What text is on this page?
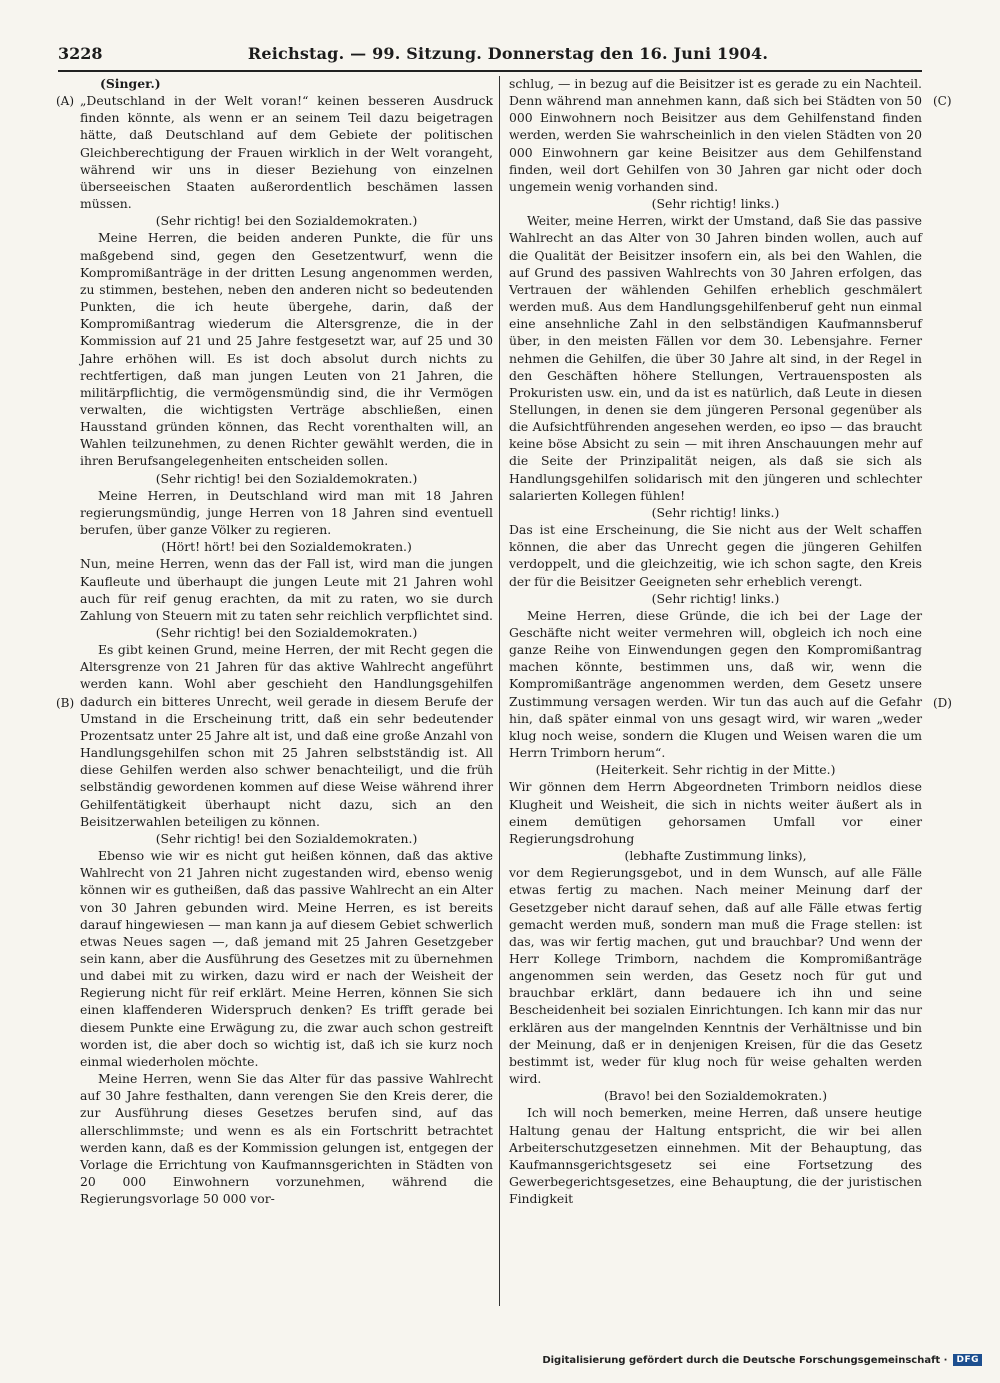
3228	Reichstag. — 99. Sitzung. Donnerstag den 16. Juni 1904.
(A)
(B)
(C)
(D)

(Singer.)

„Deutschland in der Welt voran!“ keinen besseren Ausdruck finden könnte, als wenn er an seinem Teil dazu beigetragen hätte, daß Deutschland auf dem Gebiete der politischen Gleichberechtigung der Frauen wirklich in der Welt vorangeht, während wir uns in dieser Beziehung von einzelnen überseeischen Staaten außerordentlich beschämen lassen müssen.

(Sehr richtig! bei den Sozialdemokraten.)

Meine Herren, die beiden anderen Punkte, die für uns maßgebend sind, gegen den Gesetzentwurf, wenn die Kompromißanträge in der dritten Lesung angenommen werden, zu stimmen, bestehen, neben den anderen nicht so bedeutenden Punkten, die ich heute übergehe, darin, daß der Kompromißantrag wiederum die Altersgrenze, die in der Kommission auf 21 und 25 Jahre festgesetzt war, auf 25 und 30 Jahre erhöhen will. Es ist doch absolut durch nichts zu rechtfertigen, daß man jungen Leuten von 21 Jahren, die militärpflichtig, die vermögensmündig sind, die ihr Vermögen verwalten, die wichtigsten Verträge abschließen, einen Hausstand gründen können, das Recht vorenthalten will, an Wahlen teilzunehmen, zu denen Richter gewählt werden, die in ihren Berufsangelegenheiten entscheiden sollen.

(Sehr richtig! bei den Sozialdemokraten.)

Meine Herren, in Deutschland wird man mit 18 Jahren regierungsmündig, junge Herren von 18 Jahren sind eventuell berufen, über ganze Völker zu regieren.

(Hört! hört! bei den Sozialdemokraten.)

Nun, meine Herren, wenn das der Fall ist, wird man die jungen Kaufleute und überhaupt die jungen Leute mit 21 Jahren wohl auch für reif genug erachten, da mit zu raten, wo sie durch Zahlung von Steuern mit zu taten sehr reichlich verpflichtet sind.

(Sehr richtig! bei den Sozialdemokraten.)

Es gibt keinen Grund, meine Herren, der mit Recht gegen die Altersgrenze von 21 Jahren für das aktive Wahlrecht angeführt werden kann. Wohl aber geschieht den Handlungsgehilfen dadurch ein bitteres Unrecht, weil gerade in diesem Berufe der Umstand in die Erscheinung tritt, daß ein sehr bedeutender Prozentsatz unter 25 Jahre alt ist, und daß eine große Anzahl von Handlungsgehilfen schon mit 25 Jahren selbstständig ist. All diese Gehilfen werden also schwer benachteiligt, und die früh selbständig gewordenen kommen auf diese Weise während ihrer Gehilfentätigkeit überhaupt nicht dazu, sich an den Beisitzerwahlen beteiligen zu können.

(Sehr richtig! bei den Sozialdemokraten.)

Ebenso wie wir es nicht gut heißen können, daß das aktive Wahlrecht von 21 Jahren nicht zugestanden wird, ebenso wenig können wir es gutheißen, daß das passive Wahlrecht an ein Alter von 30 Jahren gebunden wird. Meine Herren, es ist bereits darauf hingewiesen — man kann ja auf diesem Gebiet schwerlich etwas Neues sagen —, daß jemand mit 25 Jahren Gesetzgeber sein kann, aber die Ausführung des Gesetzes mit zu übernehmen und dabei mit zu wirken, dazu wird er nach der Weisheit der Regierung nicht für reif erklärt. Meine Herren, können Sie sich einen klaffenderen Widerspruch denken? Es trifft gerade bei diesem Punkte eine Erwägung zu, die zwar auch schon gestreift worden ist, die aber doch so wichtig ist, daß ich sie kurz noch einmal wiederholen möchte.

Meine Herren, wenn Sie das Alter für das passive Wahlrecht auf 30 Jahre festhalten, dann verengen Sie den Kreis derer, die zur Ausführung dieses Gesetzes berufen sind, auf das allerschlimmste; und wenn es als ein Fortschritt betrachtet werden kann, daß es der Kommission gelungen ist, entgegen der Vorlage die Errichtung von Kaufmannsgerichten in Städten von 20 000 Einwohnern vorzunehmen, während die Regierungsvorlage 50 000 vor-

schlug, — in bezug auf die Beisitzer ist es gerade zu ein Nachteil. Denn während man annehmen kann, daß sich bei Städten von 50 000 Einwohnern noch Beisitzer aus dem Gehilfenstand finden werden, werden Sie wahrscheinlich in den vielen Städten von 20 000 Einwohnern gar keine Beisitzer aus dem Gehilfenstand finden, weil dort Gehilfen von 30 Jahren gar nicht oder doch ungemein wenig vorhanden sind.

(Sehr richtig! links.)

Weiter, meine Herren, wirkt der Umstand, daß Sie das passive Wahlrecht an das Alter von 30 Jahren binden wollen, auch auf die Qualität der Beisitzer insofern ein, als bei den Wahlen, die auf Grund des passiven Wahlrechts von 30 Jahren erfolgen, das Vertrauen der wählenden Gehilfen erheblich geschmälert werden muß. Aus dem Handlungsgehilfenberuf geht nun einmal eine ansehnliche Zahl in den selbständigen Kaufmannsberuf über, in den meisten Fällen vor dem 30. Lebensjahre. Ferner nehmen die Gehilfen, die über 30 Jahre alt sind, in der Regel in den Geschäften höhere Stellungen, Vertrauensposten als Prokuristen usw. ein, und da ist es natürlich, daß Leute in diesen Stellungen, in denen sie dem jüngeren Personal gegenüber als die Aufsichtführenden angesehen werden, eo ipso — das braucht keine böse Absicht zu sein — mit ihren Anschauungen mehr auf die Seite der Prinzipalität neigen, als daß sie sich als Handlungsgehilfen solidarisch mit den jüngeren und schlechter salarierten Kollegen fühlen!

(Sehr richtig! links.)

Das ist eine Erscheinung, die Sie nicht aus der Welt schaffen können, die aber das Unrecht gegen die jüngeren Gehilfen verdoppelt, und die gleichzeitig, wie ich schon sagte, den Kreis der für die Beisitzer Geeigneten sehr erheblich verengt.

(Sehr richtig! links.)

Meine Herren, diese Gründe, die ich bei der Lage der Geschäfte nicht weiter vermehren will, obgleich ich noch eine ganze Reihe von Einwendungen gegen den Kompromißantrag machen könnte, bestimmen uns, daß wir, wenn die Kompromißanträge angenommen werden, dem Gesetz unsere Zustimmung versagen werden. Wir tun das auch auf die Gefahr hin, daß später einmal von uns gesagt wird, wir waren „weder klug noch weise, sondern die Klugen und Weisen waren die um Herrn Trimborn herum“.

(Heiterkeit. Sehr richtig in der Mitte.)

Wir gönnen dem Herrn Abgeordneten Trimborn neidlos diese Klugheit und Weisheit, die sich in nichts weiter äußert als in einem demütigen gehorsamen Umfall vor einer Regierungsdrohung

(lebhafte Zustimmung links),

vor dem Regierungsgebot, und in dem Wunsch, auf alle Fälle etwas fertig zu machen. Nach meiner Meinung darf der Gesetzgeber nicht darauf sehen, daß auf alle Fälle etwas fertig gemacht werden muß, sondern man muß die Frage stellen: ist das, was wir fertig machen, gut und brauchbar? Und wenn der Herr Kollege Trimborn, nachdem die Kompromißanträge angenommen sein werden, das Gesetz noch für gut und brauchbar erklärt, dann bedauere ich ihn und seine Bescheidenheit bei sozialen Einrichtungen. Ich kann mir das nur erklären aus der mangelnden Kenntnis der Verhältnisse und bin der Meinung, daß er in denjenigen Kreisen, für die das Gesetz bestimmt ist, weder für klug noch für weise gehalten werden wird.

(Bravo! bei den Sozialdemokraten.)

Ich will noch bemerken, meine Herren, daß unsere heutige Haltung genau der Haltung entspricht, die wir bei allen Arbeiterschutzgesetzen einnehmen. Mit der Behauptung, das Kaufmannsgerichtsgesetz sei eine Fortsetzung des Gewerbegerichtsgesetzes, eine Behauptung, die der juristischen Findigkeit

Digitalisierung gefördert durch die Deutsche Forschungsgemeinschaft ·	DFG
